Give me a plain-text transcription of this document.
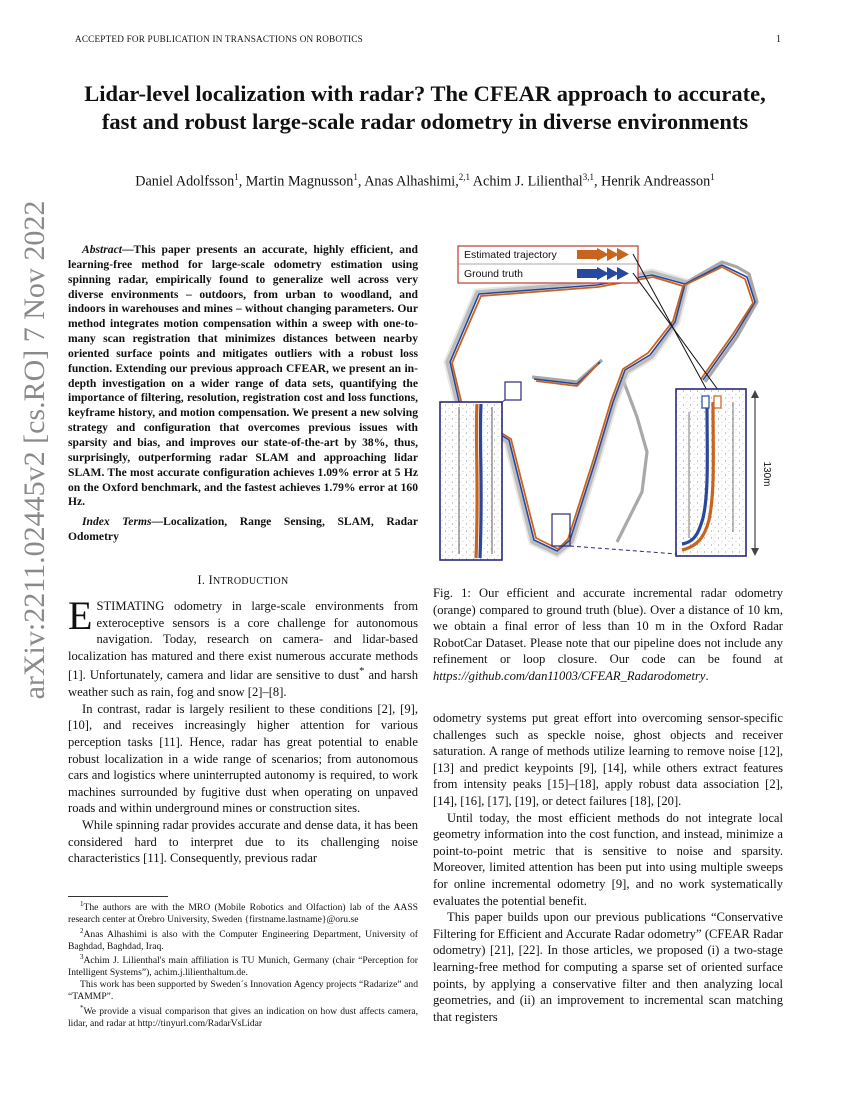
ACCEPTED FOR PUBLICATION IN TRANSACTIONS ON ROBOTICS	1
arXiv:2211.02445v2 [cs.RO] 7 Nov 2022
Lidar-level localization with radar? The CFEAR approach to accurate, fast and robust large-scale radar odometry in diverse environments
Daniel Adolfsson$^1$, Martin Magnusson$^1$, Anas Alhashimi,$^{2,1}$ Achim J. Lilienthal$^{3,1}$, Henrik Andreasson$^1$
Abstract—This paper presents an accurate, highly efficient, and learning-free method for large-scale odometry estimation using spinning radar, empirically found to generalize well across very diverse environments – outdoors, from urban to woodland, and indoors in warehouses and mines – without changing parameters. Our method integrates motion compensation within a sweep with one-to-many scan registration that minimizes distances between nearby oriented surface points and mitigates outliers with a robust loss function. Extending our previous approach CFEAR, we present an in-depth investigation on a wider range of data sets, quantifying the importance of filtering, resolution, registration cost and loss functions, keyframe history, and motion compensation. We present a new solving strategy and configuration that overcomes previous issues with sparsity and bias, and improves our state-of-the-art by 38%, thus, surprisingly, outperforming radar SLAM and approaching lidar SLAM. The most accurate configuration achieves 1.09% error at 5 Hz on the Oxford benchmark, and the fastest achieves 1.79% error at 160 Hz.
Index Terms—Localization, Range Sensing, SLAM, Radar Odometry
I. INTRODUCTION

ESTIMATING odometry in large-scale environments from exteroceptive sensors is a core challenge for autonomous navigation. Today, research on camera- and lidar-based localization has matured and there exist numerous accurate methods [1]. Unfortunately, camera and lidar are sensitive to dust* and harsh weather such as rain, fog and snow [2]–[8].

In contrast, radar is largely resilient to these conditions [2], [9], [10], and receives increasingly higher attention for various perception tasks [11]. Hence, radar has great potential to enable robust localization in a wide range of scenarios; from autonomous cars and logistics where uninterrupted autonomy is required, to work machines surrounded by fugitive dust when operating on unpaved roads and within underground mines or construction sites.

While spinning radar provides accurate and dense data, it has been considered hard to interpret due to its challenging noise characteristics [11]. Consequently, previous radar

$^1$The authors are with the MRO (Mobile Robotics and Olfaction) lab of the AASS research center at Örebro University, Sweden {firstname.lastname}@oru.se

$^2$Anas Alhashimi is also with the Computer Engineering Department, University of Baghdad, Baghdad, Iraq.

$^3$Achim J. Lilienthal's main affiliation is TU Munich, Germany (chair “Perception for Intelligent Systems”), achim.j.lilienthaltum.de.

This work has been supported by Sweden´s Innovation Agency projects “Radarize” and “TAMMP”.

*We provide a visual comparison that gives an indication on how dust affects camera, lidar, and radar at http://tinyurl.com/RadarVsLidar

Estimated trajectory
Ground truth
130m
Fig. 1: Our efficient and accurate incremental radar odometry (orange) compared to ground truth (blue). Over a distance of 10 km, we obtain a final error of less than 10 m in the Oxford Radar RobotCar Dataset. Please note that our pipeline does not include any refinement or loop closure. Our code can be found at https://github.com/dan11003/CFEAR_Radarodometry.

odometry systems put great effort into overcoming sensor-specific challenges such as speckle noise, ghost objects and receiver saturation. A range of methods utilize learning to remove noise [12], [13] and predict keypoints [9], [14], while others extract features from intensity peaks [15]–[18], apply robust data association [2], [14], [16], [17], [19], or detect failures [18], [20].

Until today, the most efficient methods do not integrate local geometry information into the cost function, and instead, minimize a point-to-point metric that is sensitive to noise and sparsity. Moreover, limited attention has been put into using multiple sweeps for online incremental odometry [9], and no work systematically evaluates the potential benefit.

This paper builds upon our previous publications “Conservative Filtering for Efficient and Accurate Radar odometry” (CFEAR Radar odometry) [21], [22]. In those articles, we proposed (i) a two-stage learning-free method for computing a sparse set of oriented surface points, by applying a conservative filter and then analyzing local geometries, and (ii) an improvement to incremental scan matching that registers
